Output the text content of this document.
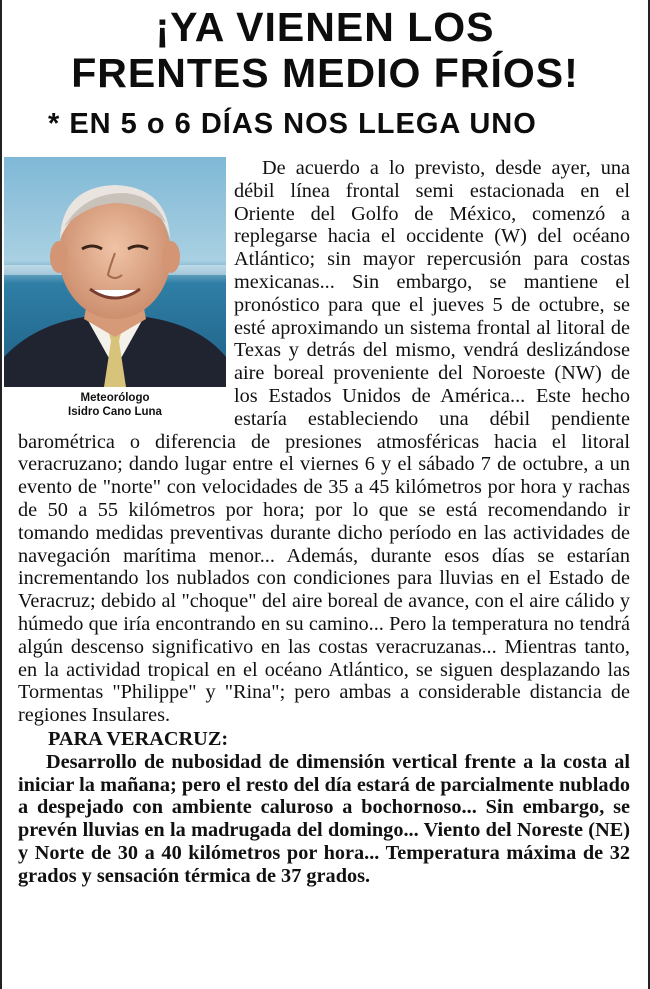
¡YA VIENEN LOS
FRENTES MEDIO FRÍOS!
* EN 5 o 6 DÍAS NOS LLEGA UNO
Meteorólogo
Isidro Cano Luna

De acuerdo a lo previsto, desde ayer, una débil línea frontal semi estacionada en el Oriente del Golfo de México, comenzó a replegarse hacia el occidente (W) del océano Atlántico; sin mayor repercusión para costas mexicanas... Sin embargo, se mantiene el pronóstico para que el jueves 5 de octubre, se esté aproximando un sistema frontal al litoral de Texas y detrás del mismo, vendrá deslizándose aire boreal proveniente del Noroeste (NW) de los Estados Unidos de América... Este hecho estaría estableciendo una débil pendiente barométrica o diferencia de presiones atmosféricas hacia el litoral veracruzano; dando lugar entre el viernes 6 y el sábado 7 de octubre, a un evento de "norte" con velocidades de 35 a 45 kilómetros por hora y rachas de 50 a 55 kilómetros por hora; por lo que se está recomendando ir tomando medidas preventivas durante dicho período en las actividades de navegación marítima menor... Además, durante esos días se estarían incrementando los nublados con condiciones para lluvias en el Estado de Veracruz; debido al "choque" del aire boreal de avance, con el aire cálido y húmedo que iría encontrando en su camino... Pero la temperatura no tendrá algún descenso significativo en las costas veracruzanas... Mientras tanto, en la actividad tropical en el océano Atlántico, se siguen desplazando las Tormentas "Philippe" y "Rina"; pero ambas a considerable distancia de regiones Insulares.

PARA VERACRUZ:

Desarrollo de nubosidad de dimensión vertical frente a la costa al iniciar la mañana; pero el resto del día estará de parcialmente nublado a despejado con ambiente caluroso a bochornoso... Sin embargo, se prevén lluvias en la madrugada del domingo... Viento del Noreste (NE) y Norte de 30 a 40 kilómetros por hora... Temperatura máxima de 32 grados y sensación térmica de 37 grados.
